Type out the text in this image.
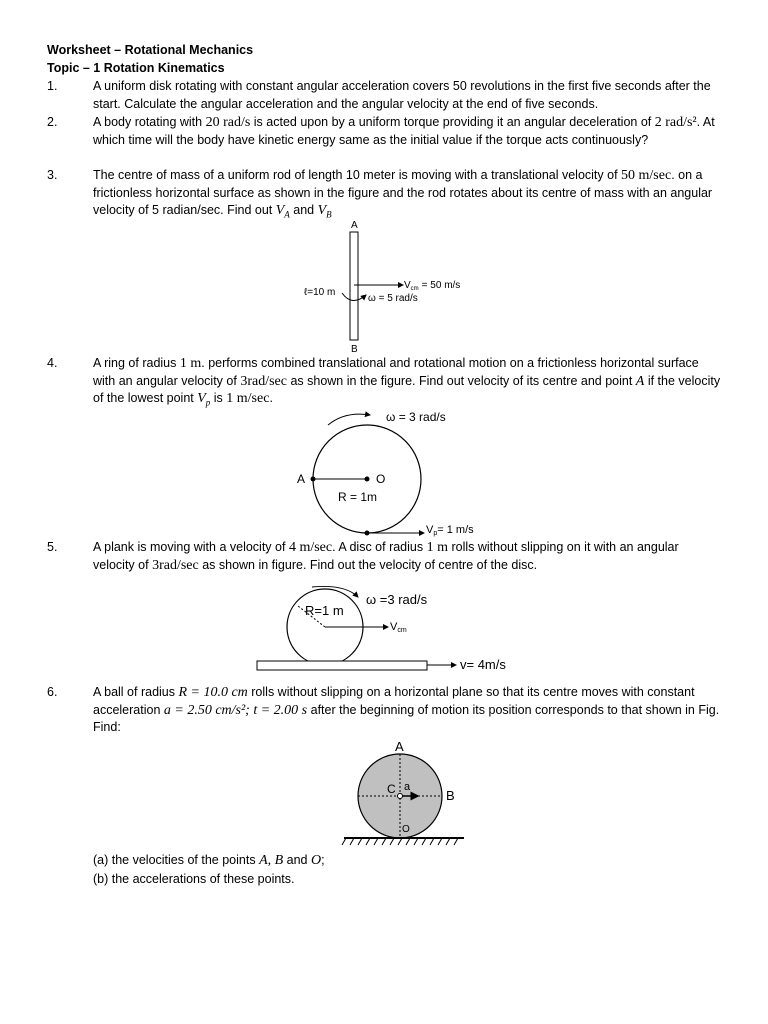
Worksheet – Rotational Mechanics
Topic – 1 Rotation Kinematics
1.	A uniform disk rotating with constant angular acceleration covers 50 revolutions in the first five seconds after the start. Calculate the angular acceleration and the angular velocity at the end of five seconds.
2.	A body rotating with 20 rad/s is acted upon by a uniform torque providing it an angular deceleration of 2 rad/s². At which time will the body have kinetic energy same as the initial value if the torque acts continuously?
3.	The centre of mass of a uniform rod of length 10 meter is moving with a translational velocity of 50 m/sec. on a frictionless horizontal surface as shown in the figure and the rod rotates about its centre of mass with an angular velocity of 5 radian/sec. Find out $V_A$ and $V_B$
A
B
ℓ=10 m
$V_{cm} = 50$ m/s
ω = 5 rad/s
4.	A ring of radius 1 m. performs combined translational and rotational motion on a frictionless horizontal surface with an angular velocity of 3rad/sec as shown in the figure. Find out velocity of its centre and point A if the velocity of the lowest point $V_p$ is 1 m/sec.
ω = 3 rad/s
A	O
R = 1m
Vp= 1 m/s
5.	A plank is moving with a velocity of 4 m/sec. A disc of radius 1 m rolls without slipping on it with an angular velocity of 3rad/sec as shown in figure. Find out the velocity of centre of the disc.
ω =3 rad/s
R=1 m
Vcm
v= 4m/s
6.	A ball of radius R = 10.0 cm rolls without slipping on a horizontal plane so that its centre moves with constant acceleration a = 2.50 cm/s²; t = 2.00 s after the beginning of motion its position corresponds to that shown in Fig. Find:
A
C a
B
O
(a) the velocities of the points A, B and O;
(b) the accelerations of these points.
